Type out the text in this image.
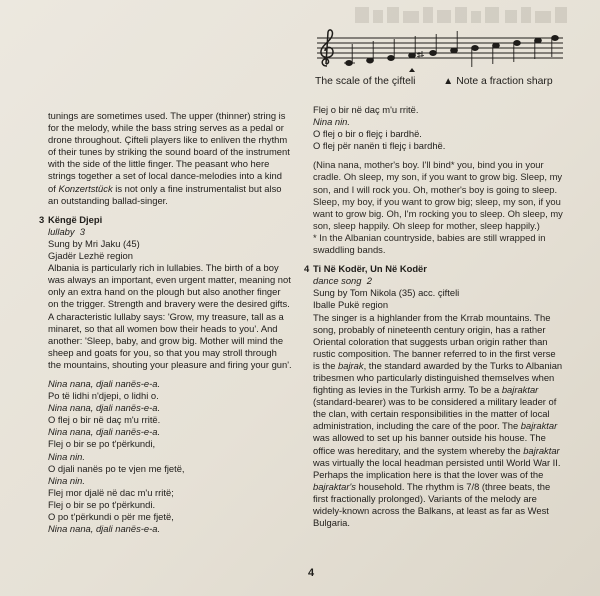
The scale of the çifteli	▲ Note a fraction sharp

tunings are sometimes used. The upper (thinner) string is for the melody, while the bass string serves as a pedal or drone throughout. Çifteli players like to enliven the rhythm of their tunes by striking the sound board of the instrument with the side of the little finger. The peasant who here strings together a set of local dance-melodies into a kind of Konzertstück is not only a fine instrumentalist but also an outstanding ballad-singer.

3 Këngë Djepi
lullaby 3
Sung by Mri Jaku (45)
Gjadër Lezhë region

Albania is particularly rich in lullabies. The birth of a boy was always an important, even urgent matter, meaning not only an extra hand on the plough but also another finger on the trigger. Strength and bravery were the desired gifts. A characteristic lullaby says: 'Grow, my treasure, tall as a minaret, so that all women bow their heads to you'. And another: 'Sleep, baby, and grow big. Mother will mind the sheep and goats for you, so that you may stroll through the mountains, shouting your pleasure and firing your gun'.

Nina nana, djali nanës-e-a.
Po të lidhi n'djepi, o lidhi o.
Nina nana, djali nanës-e-a.
O flej o bir në daç m'u rritë.
Nina nana, djali nanës-e-a.
Flej o bir se po t'përkundi,
Nina nin.
O djali nanës po te vjen me fjetë,
Nina nin.
Flej mor djalë në dac m'u rritë;
Flej o bir se po t'përkundi.
O po t'përkundi o për me fjetë,
Nina nana, djali nanës-e-a.
Flej o bir në daç m'u rritë.
Nina nin.
O flej o bir o flejç i bardhë.
O flej për nanën ti flejç i bardhë.

(Nina nana, mother's boy. I'll bind* you, bind you in your cradle. Oh sleep, my son, if you want to grow big. Sleep, my son, and I will rock you. Oh, mother's boy is going to sleep. Sleep, my boy, if you want to grow big; sleep, my son, if you want to grow big. Oh, I'm rocking you to sleep. Oh sleep, my son, sleep happily. Oh sleep for mother, sleep happily.)

* In the Albanian countryside, babies are still wrapped in swaddling bands.

4 Ti Në Kodër, Un Në Kodër
dance song 2
Sung by Tom Nikola (35) acc. çifteli
Iballe Pukë region

The singer is a highlander from the Krrab mountains. The song, probably of nineteenth century origin, has a rather Oriental coloration that suggests urban origin rather than rustic composition. The banner referred to in the first verse is the bajrak, the standard awarded by the Turks to Albanian tribesmen who particularly distinguished themselves when fighting as levies in the Turkish army. To be a bajraktar (standard-bearer) was to be considered a military leader of the clan, with certain responsibilities in the matter of local administration, including the care of the poor. The bajraktar was allowed to set up his banner outside his house. The office was hereditary, and the system whereby the bajraktar was virtually the local headman persisted until World War II. Perhaps the implication here is that the lover was of the bajraktar's household. The rhythm is 7/8 (three beats, the first fractionally prolonged). Variants of the melody are widely-known across the Balkans, at least as far as West Bulgaria.

4
